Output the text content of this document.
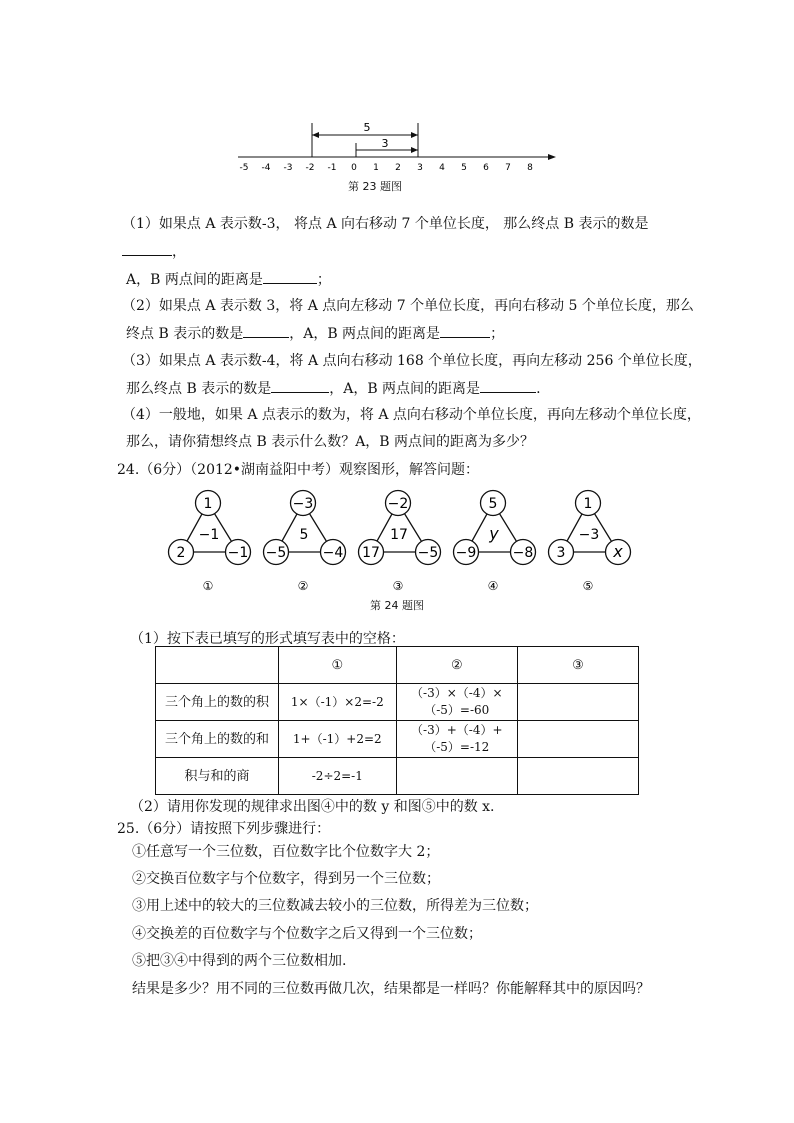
5
3
-5 -4 -3 -2 -1 0 1 2 3 4 5 6 7 8
第 23 题图
（1）如果点 A 表示数-3， 将点 A 向右移动 7 个单位长度， 那么终点 B 表示的数是
，
A，B 两点间的距离是	；
（2）如果点 A 表示数 3，将 A 点向左移动 7 个单位长度，再向右移动 5 个单位长度，那么
终点 B 表示的数是	，A，B 两点间的距离是	；
（3）如果点 A 表示数-4，将 A 点向右移动 168 个单位长度，再向左移动 256 个单位长度，
那么终点 B 表示的数是	，A，B 两点间的距离是	.
（4）一般地，如果 A 点表示的数为，将 A 点向右移动个单位长度，再向左移动个单位长度，
那么，请你猜想终点 B 表示什么数？A，B 两点间的距离为多少？
24.（6分）（2012•湖南益阳中考）观察图形，解答问题：
1
2	−1
−1
①
−3
−5	−4
5
②
−2
17	−5
17
③
5
−9	−8
y
④
1
3	x
−3
⑤
第 24 题图
（1）按下表已填写的形式填写表中的空格：
	①	②	③
三个角上的数的积	1×（-1）×2=-2	（-3）×（-4）×
（-5）=-60	

三个角上的数的和	1+（-1）+2=2	（-3）+（-4）+
（-5）=-12	

积与和的商	-2÷2=-1		
（2）请用你发现的规律求出图④中的数 y 和图⑤中的数 x.
25.（6分）请按照下列步骤进行：
①任意写一个三位数，百位数字比个位数字大 2；
②交换百位数字与个位数字，得到另一个三位数；
③用上述中的较大的三位数减去较小的三位数，所得差为三位数；
④交换差的百位数字与个位数字之后又得到一个三位数；
⑤把③④中得到的两个三位数相加.
结果是多少？用不同的三位数再做几次，结果都是一样吗？你能解释其中的原因吗？
